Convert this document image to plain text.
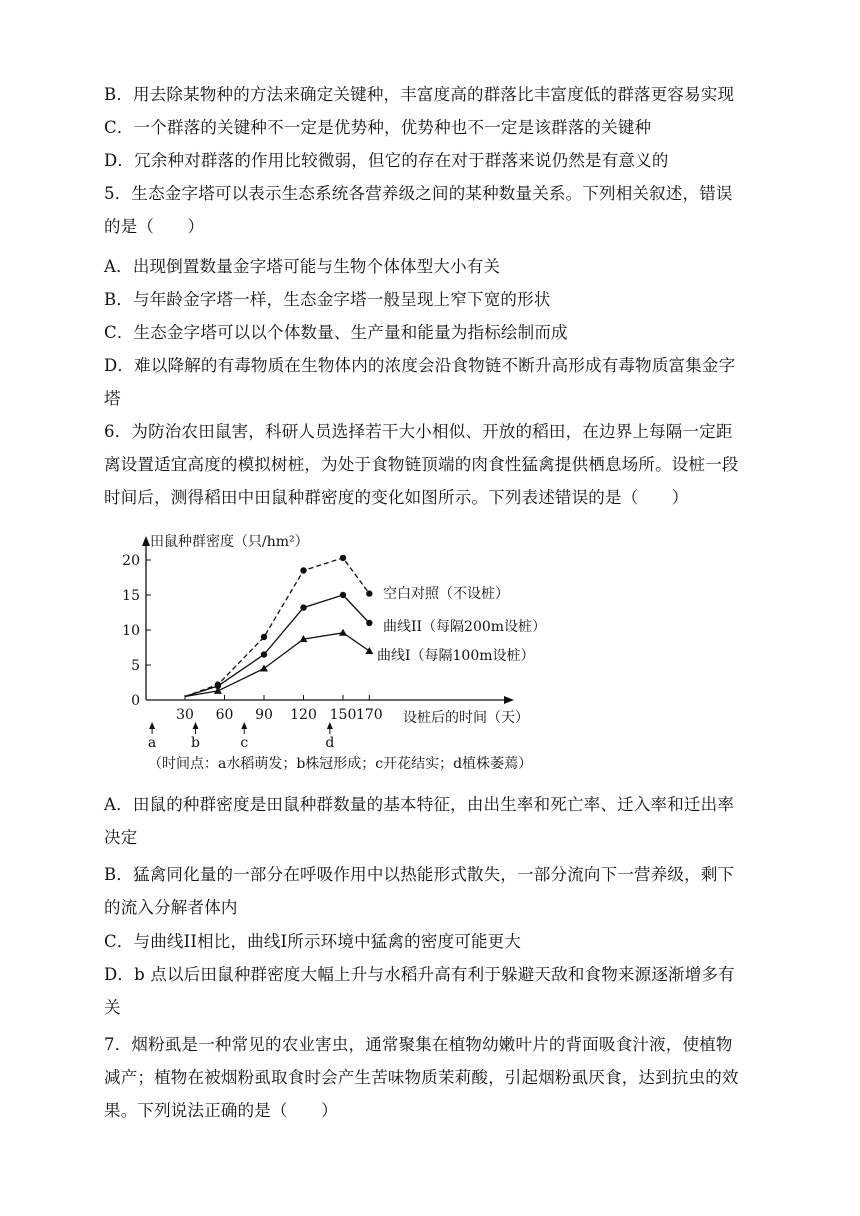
B．用去除某物种的方法来确定关键种，丰富度高的群落比丰富度低的群落更容易实现
C．一个群落的关键种不一定是优势种，优势种也不一定是该群落的关键种
D．冗余种对群落的作用比较微弱，但它的存在对于群落来说仍然是有意义的
5．生态金字塔可以表示生态系统各营养级之间的某种数量关系。下列相关叙述，错误
的是（　　）
A．出现倒置数量金字塔可能与生物个体体型大小有关
B．与年龄金字塔一样，生态金字塔一般呈现上窄下宽的形状
C．生态金字塔可以以个体数量、生产量和能量为指标绘制而成
D．难以降解的有毒物质在生物体内的浓度会沿食物链不断升高形成有毒物质富集金字
塔
6．为防治农田鼠害，科研人员选择若干大小相似、开放的稻田，在边界上每隔一定距
离设置适宜高度的模拟树桩，为处于食物链顶端的肉食性猛禽提供栖息场所。设桩一段
时间后，测得稻田中田鼠种群密度的变化如图所示。下列表述错误的是（　　）
田鼠种群密度（只/hm²）
设桩后的时间（天）
0
5
10
15
20
30 60 90 120 150 170
空白对照（不设桩）
曲线II（每隔200m设桩）
曲线I（每隔100m设桩）
a b	c	d
（时间点：a水稻萌发；b株冠形成；c开花结实；d植株萎蔫）
A．田鼠的种群密度是田鼠种群数量的基本特征，由出生率和死亡率、迁入率和迁出率
决定
B．猛禽同化量的一部分在呼吸作用中以热能形式散失，一部分流向下一营养级，剩下
的流入分解者体内
C．与曲线II相比，曲线I所示环境中猛禽的密度可能更大
D．b 点以后田鼠种群密度大幅上升与水稻升高有利于躲避天敌和食物来源逐渐增多有
关
7．烟粉虱是一种常见的农业害虫，通常聚集在植物幼嫩叶片的背面吸食汁液，使植物
减产；植物在被烟粉虱取食时会产生苦味物质茉莉酸，引起烟粉虱厌食，达到抗虫的效
果。下列说法正确的是（　　）
